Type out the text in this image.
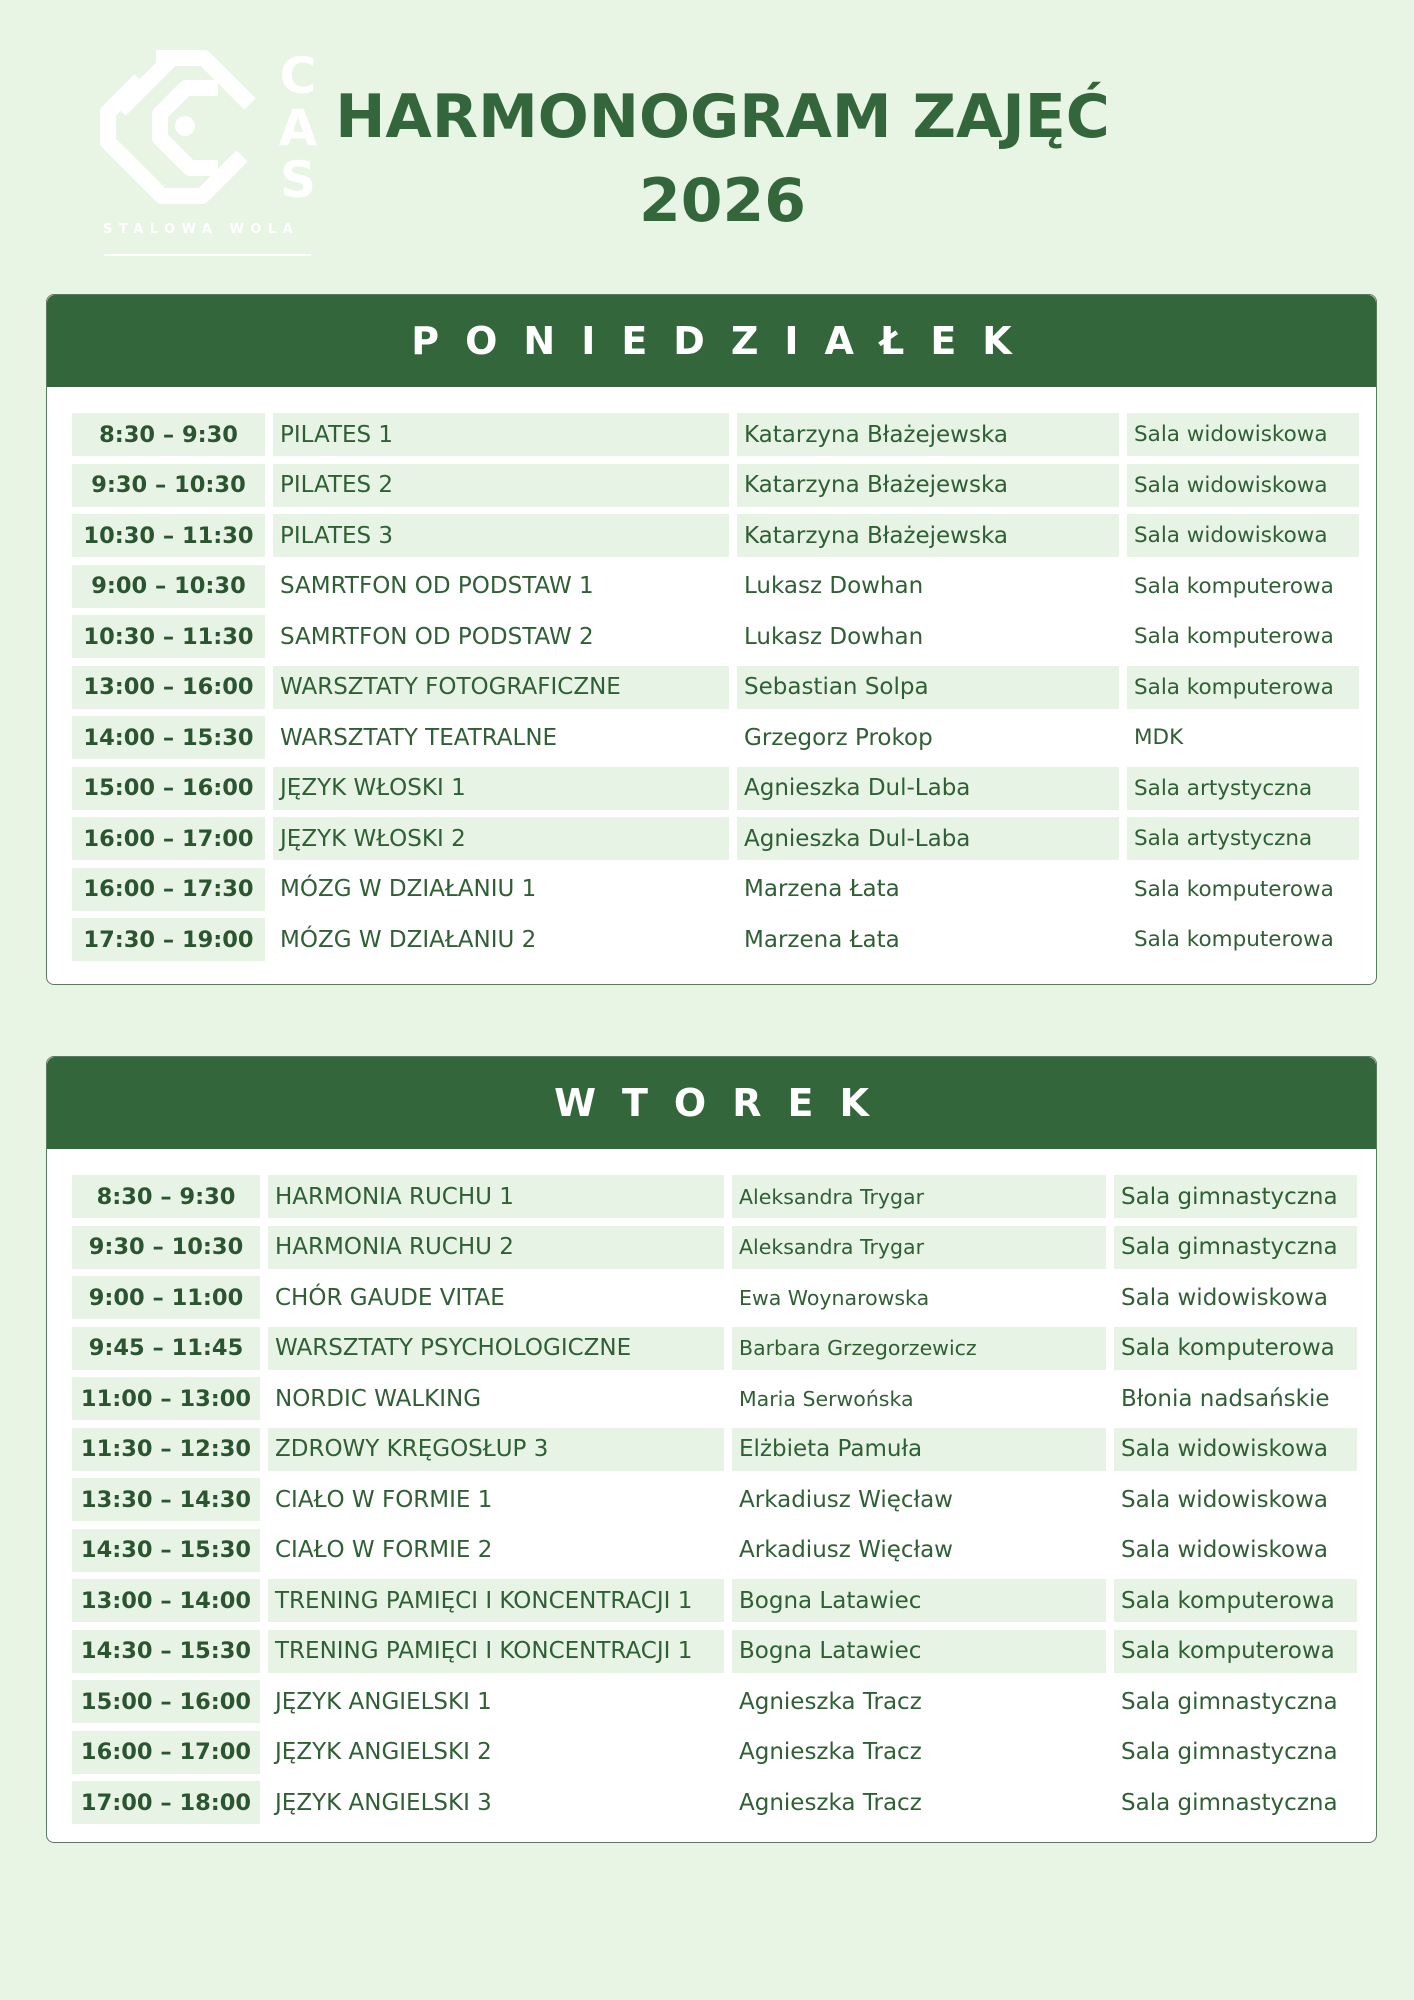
C
A
S
STALOWA WOLA
HARMONOGRAM ZAJĘĆ
2026
PONIEDZIAŁEK
8:30 – 9:30	PILATES 1	Katarzyna Błażejewska	Sala widowiskowa
9:30 – 10:30	PILATES 2	Katarzyna Błażejewska	Sala widowiskowa
10:30 – 11:30	PILATES 3	Katarzyna Błażejewska	Sala widowiskowa
9:00 – 10:30	SAMRTFON OD PODSTAW 1	Lukasz Dowhan	Sala komputerowa
10:30 – 11:30	SAMRTFON OD PODSTAW 2	Lukasz Dowhan	Sala komputerowa
13:00 – 16:00	WARSZTATY FOTOGRAFICZNE	Sebastian Solpa	Sala komputerowa
14:00 – 15:30	WARSZTATY TEATRALNE	Grzegorz Prokop	MDK
15:00 – 16:00	JĘZYK WŁOSKI 1	Agnieszka Dul-Laba	Sala artystyczna
16:00 – 17:00	JĘZYK WŁOSKI 2	Agnieszka Dul-Laba	Sala artystyczna
16:00 – 17:30	MÓZG W DZIAŁANIU 1	Marzena Łata	Sala komputerowa
17:30 – 19:00	MÓZG W DZIAŁANIU 2	Marzena Łata	Sala komputerowa
WTOREK
8:30 – 9:30	HARMONIA RUCHU 1	Aleksandra Trygar	Sala gimnastyczna
9:30 – 10:30	HARMONIA RUCHU 2	Aleksandra Trygar	Sala gimnastyczna
9:00 – 11:00	CHÓR GAUDE VITAE	Ewa Woynarowska	Sala widowiskowa
9:45 – 11:45	WARSZTATY PSYCHOLOGICZNE	Barbara Grzegorzewicz	Sala komputerowa
11:00 – 13:00	NORDIC WALKING	Maria Serwońska	Błonia nadsańskie
11:30 – 12:30	ZDROWY KRĘGOSŁUP 3	Elżbieta Pamuła	Sala widowiskowa
13:30 – 14:30	CIAŁO W FORMIE 1	Arkadiusz Więcław	Sala widowiskowa
14:30 – 15:30	CIAŁO W FORMIE 2	Arkadiusz Więcław	Sala widowiskowa
13:00 – 14:00	TRENING PAMIĘCI I KONCENTRACJI 1	Bogna Latawiec	Sala komputerowa
14:30 – 15:30	TRENING PAMIĘCI I KONCENTRACJI 1	Bogna Latawiec	Sala komputerowa
15:00 – 16:00	JĘZYK ANGIELSKI 1	Agnieszka Tracz	Sala gimnastyczna
16:00 – 17:00	JĘZYK ANGIELSKI 2	Agnieszka Tracz	Sala gimnastyczna
17:00 – 18:00	JĘZYK ANGIELSKI 3	Agnieszka Tracz	Sala gimnastyczna
